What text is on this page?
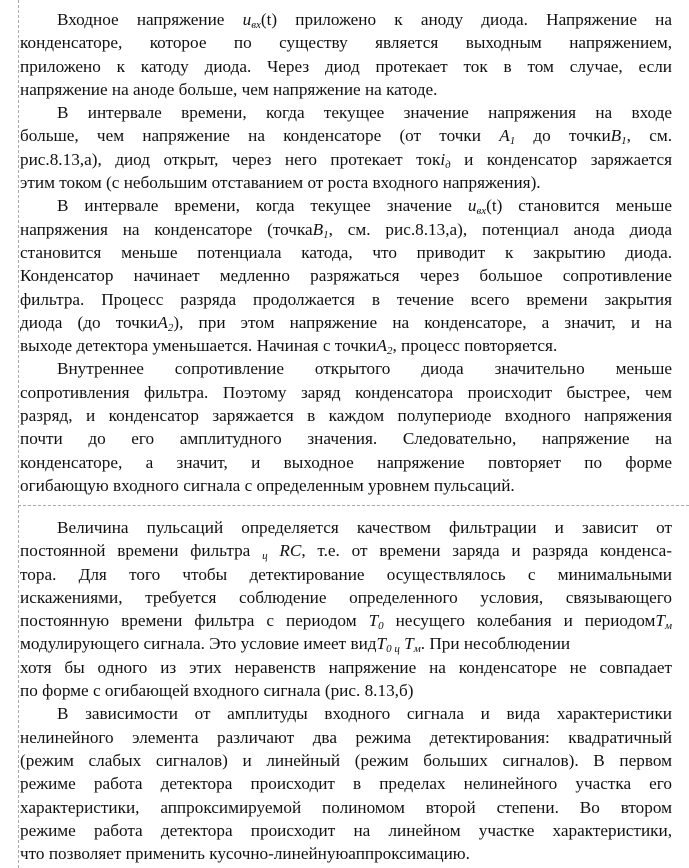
Входное напряжение $u_{вх}(t)$ приложено к аноду диода. Напряжение на
конденсаторе, которое по существу является выходным напряжением,
приложено к катоду диода. Через диод протекает ток в том случае, если
напряжение на аноде больше, чем напряжение на катоде.
В интервале времени, когда текущее значение напряжения на входе
больше, чем напряжение на конденсаторе (от точки $A_1$ до точкиB$_1$, см.
рис.8.13,а), диод открыт, через него протекает токi$_д$ и конденсатор заряжается
этим током (с небольшим отставанием от роста входного напряжения).
В интервале времени, когда текущее значение $u_{вх}(t)$ становится меньше
напряжения на конденсаторе (точкаB$_1$, см. рис.8.13,а), потенциал анода диода
становится меньше потенциала катода, что приводит к закрытию диода.
Конденсатор начинает медленно разряжаться через большое сопротивление
фильтра. Процесс разряда продолжается в течение всего времени закрытия
диода (до точкиA$_2$), при этом напряжение на конденсаторе, а значит, и на
выходе детектора уменьшается. Начиная с точкиA$_2$, процесс повторяется.
Внутреннее сопротивление открытого диода значительно меньше
сопротивления фильтра. Поэтому заряд конденсатора происходит быстрее, чем
разряд, и конденсатор заряжается в каждом полупериоде входного напряжения
почти до его амплитудного значения. Следовательно, напряжение на
конденсаторе, а значит, и выходное напряжение повторяет по форме
огибающую входного сигнала с определенным уровнем пульсаций.
Величина пульсаций определяется качеством фильтрации и зависит от
постоянной времени фильтра $_ц$ RC, т.е. от времени заряда и разряда конденса-
тора. Для того чтобы детектирование осуществлялось с минимальными
искажениями, требуется соблюдение определенного условия, связывающего
постоянную времени фильтра с периодом $T_0$ несущего колебания и периодомT$_м$
модулирующего сигнала. Это условие имеет видT$_{0 ц}$ $T_м$. При несоблюдении
хотя бы одного из этих неравенств напряжение на конденсаторе не совпадает
по форме с огибающей входного сигнала (рис. 8.13,б)
В зависимости от амплитуды входного сигнала и вида характеристики
нелинейного элемента различают два режима детектирования: квадратичный
(режим слабых сигналов) и линейный (режим больших сигналов). В первом
режиме работа детектора происходит в пределах нелинейного участка его
характеристики, аппроксимируемой полиномом второй степени. Во втором
режиме работа детектора происходит на линейном участке характеристики,
что позволяет применить кусочно-линейнуюаппроксимацию.
